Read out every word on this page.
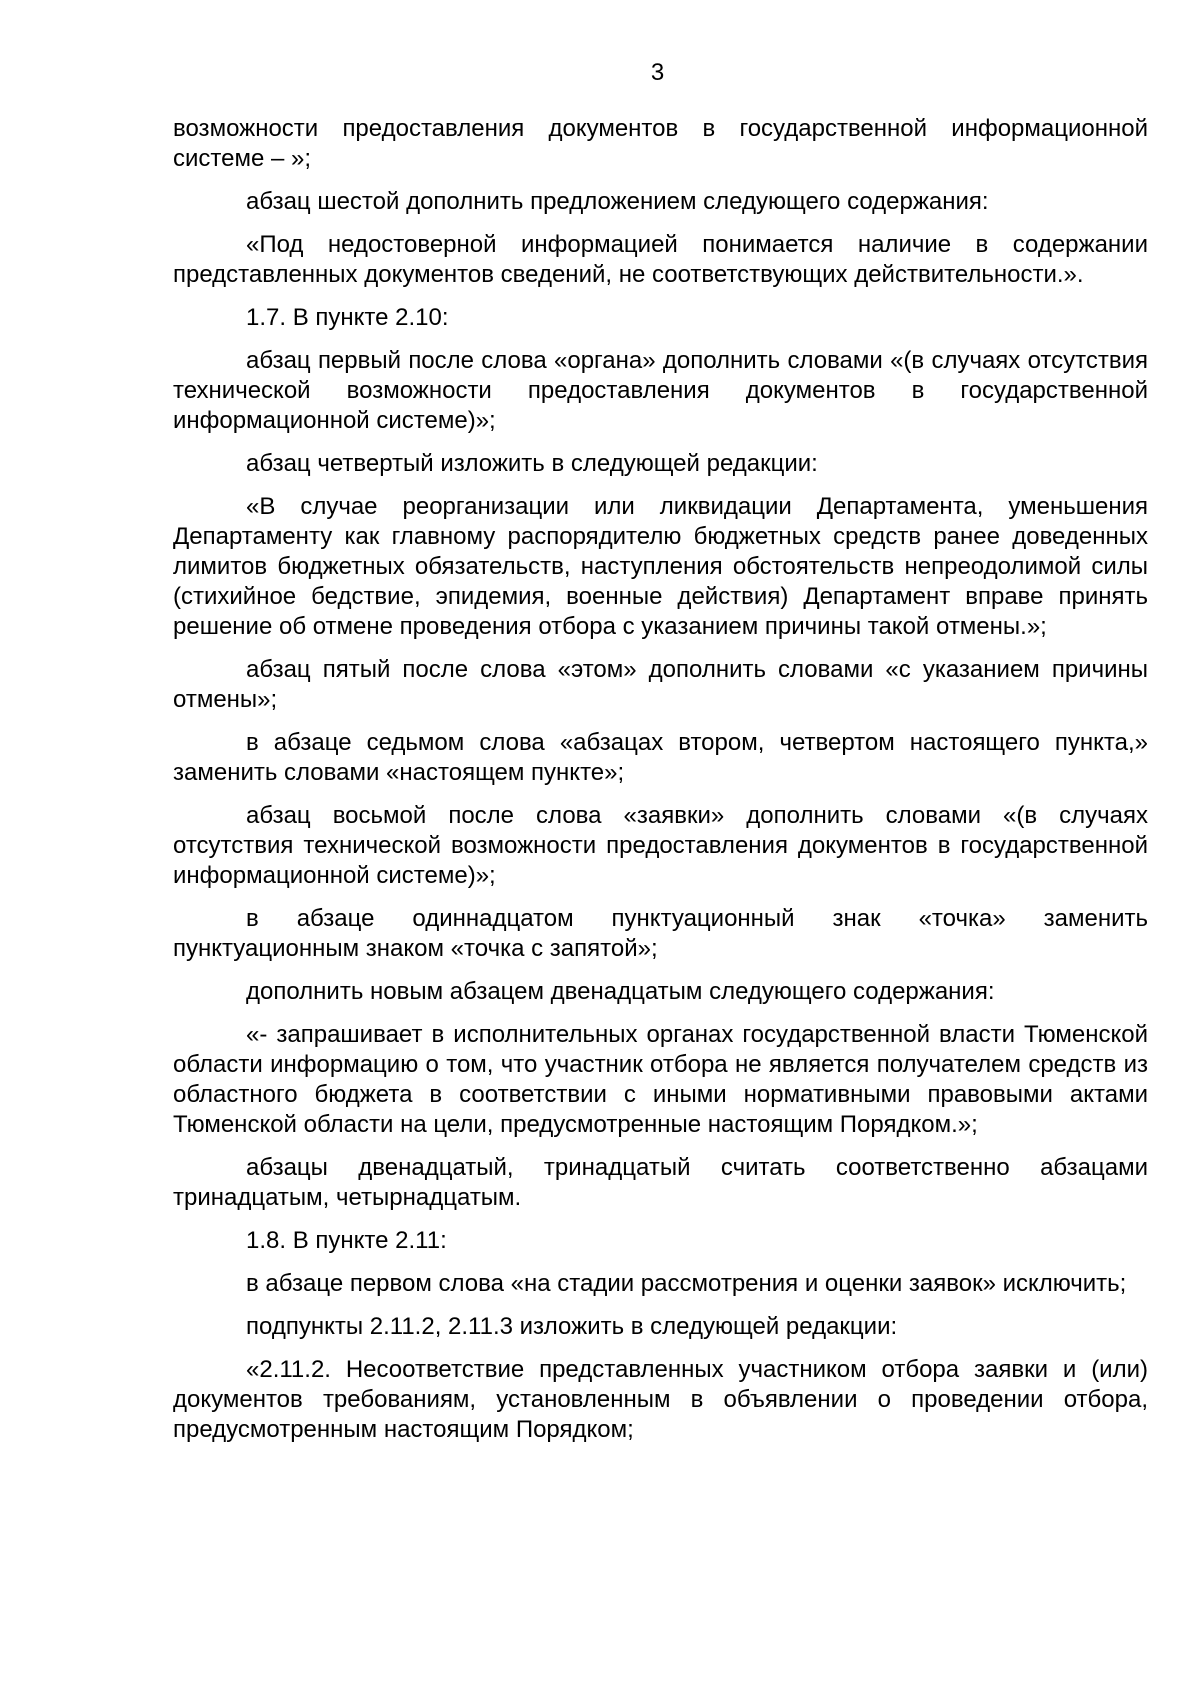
3

возможности предоставления документов в государственной информационной системе – »;

абзац шестой дополнить предложением следующего содержания:

«Под недостоверной информацией понимается наличие в содержании представленных документов сведений, не соответствующих действительности.».

1.7. В пункте 2.10:

абзац первый после слова «органа» дополнить словами «(в случаях отсутствия технической возможности предоставления документов в государственной информационной системе)»;

абзац четвертый изложить в следующей редакции:

«В случае реорганизации или ликвидации Департамента, уменьшения Департаменту как главному распорядителю бюджетных средств ранее доведенных лимитов бюджетных обязательств, наступления обстоятельств непреодолимой силы (стихийное бедствие, эпидемия, военные действия) Департамент вправе принять решение об отмене проведения отбора с указанием причины такой отмены.»;

абзац пятый после слова «этом» дополнить словами «с указанием причины отмены»;

в абзаце седьмом слова «абзацах втором, четвертом настоящего пункта,» заменить словами «настоящем пункте»;

абзац восьмой после слова «заявки» дополнить словами «(в случаях отсутствия технической возможности предоставления документов в государственной информационной системе)»;

в абзаце одиннадцатом пунктуационный знак «точка» заменить пунктуационным знаком «точка с запятой»;

дополнить новым абзацем двенадцатым следующего содержания:

«- запрашивает в исполнительных органах государственной власти Тюменской области информацию о том, что участник отбора не является получателем средств из областного бюджета в соответствии с иными нормативными правовыми актами Тюменской области на цели, предусмотренные настоящим Порядком.»;

абзацы двенадцатый, тринадцатый считать соответственно абзацами тринадцатым, четырнадцатым.

1.8. В пункте 2.11:

в абзаце первом слова «на стадии рассмотрения и оценки заявок» исключить;

подпункты 2.11.2, 2.11.3 изложить в следующей редакции:

«2.11.2. Несоответствие представленных участником отбора заявки и (или) документов требованиям, установленным в объявлении о проведении отбора, предусмотренным настоящим Порядком;
